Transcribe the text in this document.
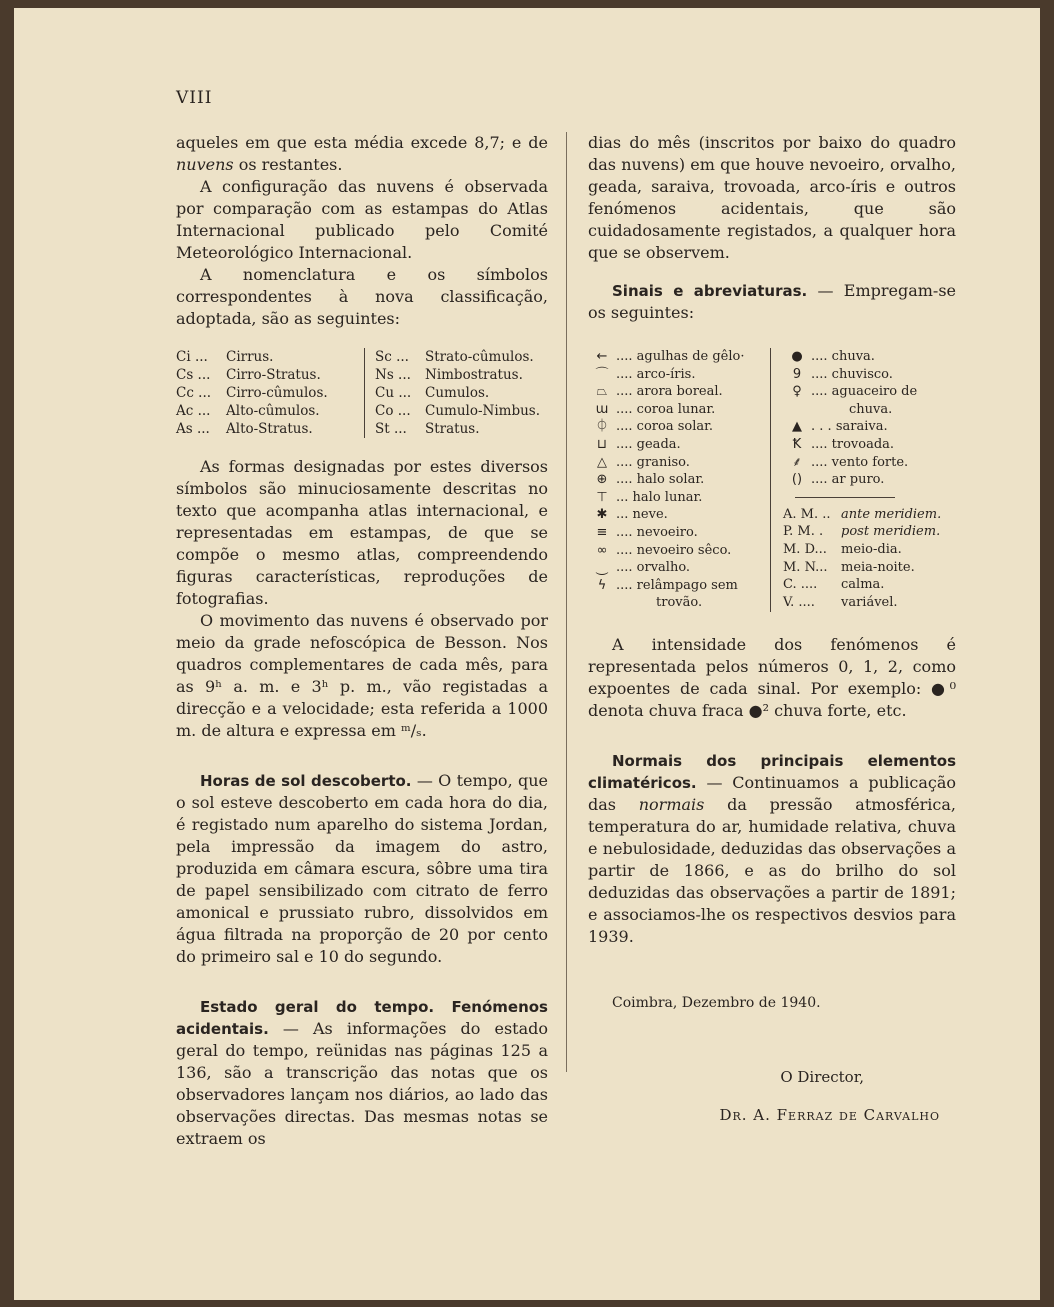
VIII

aqueles em que esta média excede 8,7; e de nuvens os restantes.

A configuração das nuvens é observada por comparação com as estampas do Atlas Internacional publicado pelo Comité Meteorológico Internacional.

A nomenclatura e os símbolos correspondentes à nova classificação, adoptada, são as seguintes:

Ci ... Cirrus.
Cs ... Cirro-Stratus.
Cc ... Cirro-cûmulos.
Ac ... Alto-cûmulos.
As ... Alto-Stratus.
Sc ... Strato-cûmulos.
Ns ... Nimbostratus.
Cu ... Cumulos.
Co ... Cumulo-Nimbus.
St ... Stratus.

As formas designadas por estes diversos símbolos são minuciosamente descritas no texto que acompanha atlas internacional, e representadas em estampas, de que se compõe o mesmo atlas, compreendendo figuras características, reproduções de fotografias.

O movimento das nuvens é observado por meio da grade nefoscópica de Besson. Nos quadros complementares de cada mês, para as 9ʰ a. m. e 3ʰ p. m., vão registadas a direcção e a velocidade; esta referida a 1000 m. de altura e expressa em ᵐ/ₛ.

Horas de sol descoberto. — O tempo, que o sol esteve descoberto em cada hora do dia, é registado num aparelho do sistema Jordan, pela impressão da imagem do astro, produzida em câmara escura, sôbre uma tira de papel sensibilizado com citrato de ferro amonical e prussiato rubro, dissolvidos em água filtrada na proporção de 20 por cento do primeiro sal e 10 do segundo.

Estado geral do tempo. Fenómenos acidentais. — As informações do estado geral do tempo, reünidas nas páginas 125 a 136, são a transcrição das notas que os observadores lançam nos diários, ao lado das observações directas. Das mesmas notas se extraem os

dias do mês (inscritos por baixo do quadro das nuvens) em que houve nevoeiro, orvalho, geada, saraiva, trovoada, arco-íris e outros fenómenos acidentais, que são cuidadosamente registados, a qualquer hora que se observem.

Sinais e abreviaturas. — Empregam-se os seguintes:

← ....
agulhas de gêlo·
⌒ ....
arco-íris.
⏢ ....
arora boreal.
ɯ ....
coroa lunar.
⏀ ....
coroa solar.
⊔ ....
geada.
△ ....
graniso.
⊕ ....
halo solar.
⊤ ...
halo lunar.
✱ ...
neve.
≡ ....
nevoeiro.
∞ ....
nevoeiro sêco.
⏝ ....
orvalho.
ϟ ....
relâmpago sem
trovão.
● ....
chuva.
9 ....
chuvisco.
♀ ....
aguaceiro de
chuva.
▲ . . .
saraiva.
Ꝁ ....
trovoada.
⸙ ....
vento forte.
() ....
ar puro.
A. M. .. ante meridiem.
P. M. . post meridiem.
M. D... meio-dia.
M. N... meia-noite.
C. .... calma.
V. .... variável.

A intensidade dos fenómenos é representada pelos números 0, 1, 2, como expoentes de cada sinal. Por exemplo: ●⁰ denota chuva fraca ●² chuva forte, etc.

Normais dos principais elementos climatéricos. — Continuamos a publicação das normais da pressão atmosférica, temperatura do ar, humidade relativa, chuva e nebulosidade, deduzidas das observações a partir de 1866, e as do brilho do sol deduzidas das observações a partir de 1891; e associamos-lhe os respectivos desvios para 1939.

Coimbra, Dezembro de 1940.
O Director,
Dr. A. Ferraz de Carvalho
